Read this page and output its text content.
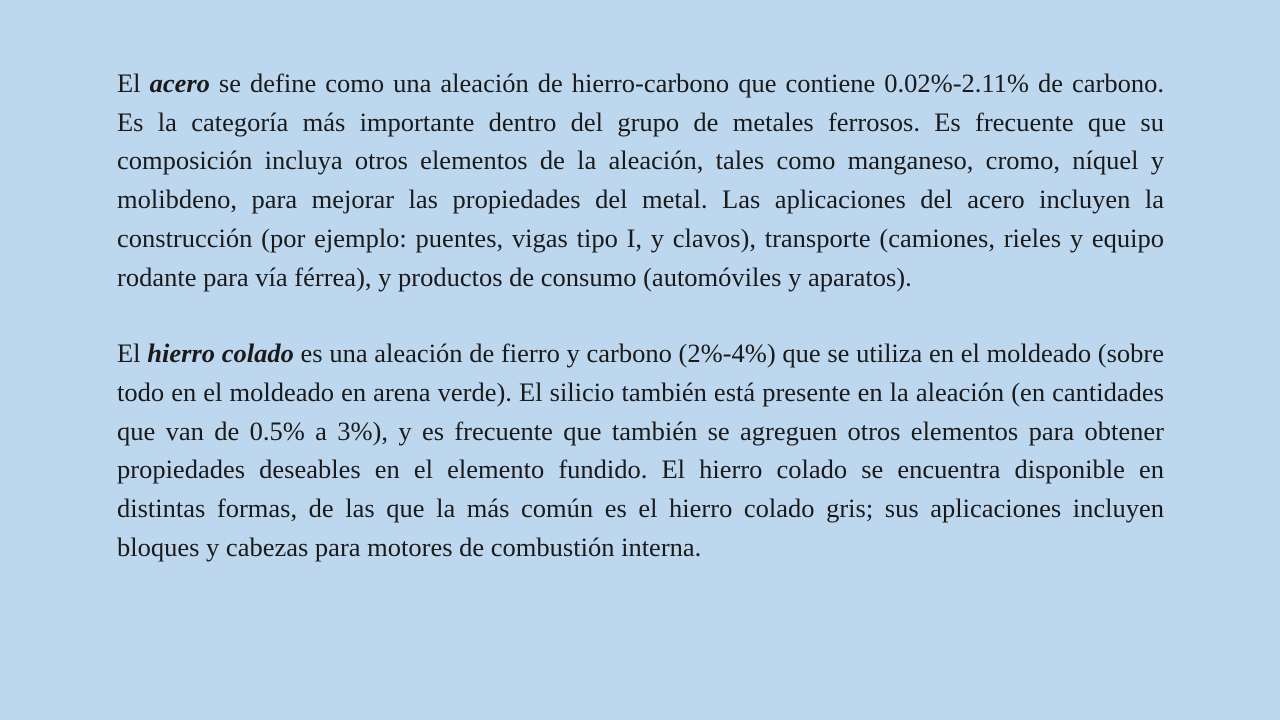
El acero se define como una aleación de hierro-carbono que contiene 0.02%-2.11% de carbono. Es la categoría más importante dentro del grupo de metales ferrosos. Es frecuente que su composición incluya otros elementos de la aleación, tales como manganeso, cromo, níquel y molibdeno, para mejorar las propiedades del metal. Las aplicaciones del acero incluyen la construcción (por ejemplo: puentes, vigas tipo I, y clavos), transporte (camiones, rieles y equipo rodante para vía férrea), y productos de consumo (automóviles y aparatos).

El hierro colado es una aleación de fierro y carbono (2%-4%) que se utiliza en el moldeado (sobre todo en el moldeado en arena verde). El silicio también está presente en la aleación (en cantidades que van de 0.5% a 3%), y es frecuente que también se agreguen otros elementos para obtener propiedades deseables en el elemento fundido. El hierro colado se encuentra disponible en distintas formas, de las que la más común es el hierro colado gris; sus aplicaciones incluyen bloques y cabezas para motores de combustión interna.
